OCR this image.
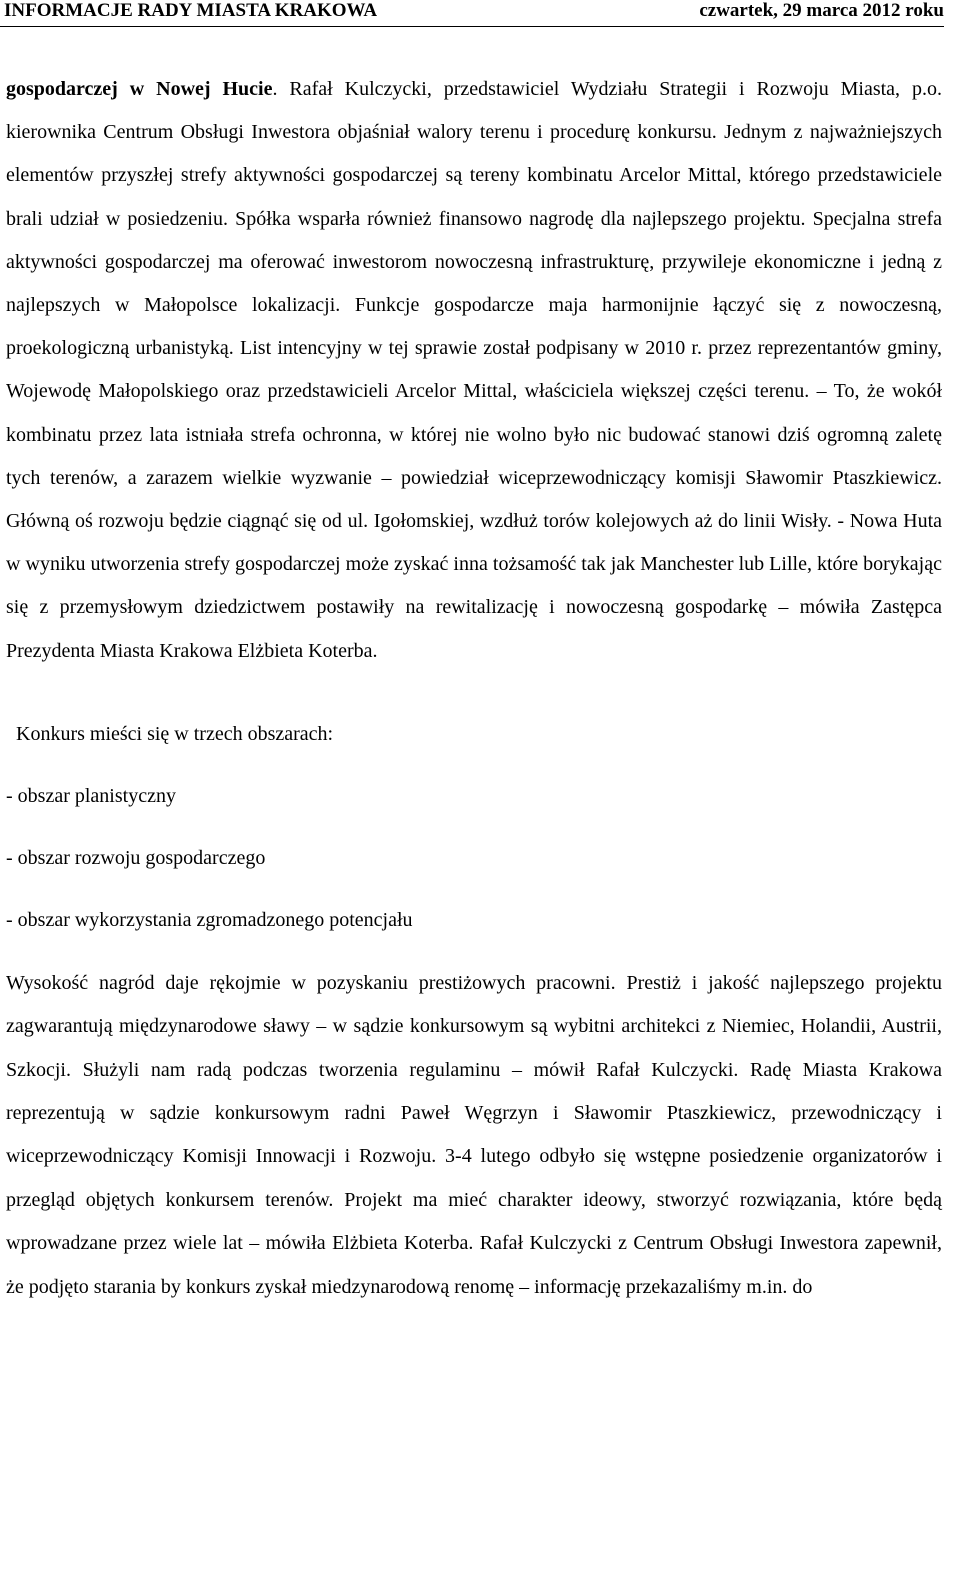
INFORMACJE RADY MIASTA KRAKOWA	czwartek, 29 marca 2012 roku

gospodarczej w Nowej Hucie. Rafał Kulczycki, przedstawiciel Wydziału Strategii i Rozwoju Miasta, p.o. kierownika Centrum Obsługi Inwestora objaśniał walory terenu i procedurę konkursu. Jednym z najważniejszych elementów przyszłej strefy aktywności gospodarczej są tereny kombinatu Arcelor Mittal, którego przedstawiciele brali udział w posiedzeniu. Spółka wsparła również finansowo nagrodę dla najlepszego projektu. Specjalna strefa aktywności gospodarczej ma oferować inwestorom nowoczesną infrastrukturę, przywileje ekonomiczne i jedną z najlepszych w Małopolsce lokalizacji. Funkcje gospodarcze maja harmonijnie łączyć się z nowoczesną, proekologiczną urbanistyką. List intencyjny w tej sprawie został podpisany w 2010 r. przez reprezentantów gminy, Wojewodę Małopolskiego oraz przedstawicieli Arcelor Mittal, właściciela większej części terenu. – To, że wokół kombinatu przez lata istniała strefa ochronna, w której nie wolno było nic budować stanowi dziś ogromną zaletę tych terenów, a zarazem wielkie wyzwanie – powiedział wiceprzewodniczący komisji Sławomir Ptaszkiewicz. Główną oś rozwoju będzie ciągnąć się od ul. Igołomskiej, wzdłuż torów kolejowych aż do linii Wisły. - Nowa Huta w wyniku utworzenia strefy gospodarczej może zyskać inna tożsamość tak jak Manchester lub Lille, które borykając się z przemysłowym dziedzictwem postawiły na rewitalizację i nowoczesną gospodarkę – mówiła Zastępca Prezydenta Miasta Krakowa Elżbieta Koterba.

Konkurs mieści się w trzech obszarach:
- obszar planistyczny
- obszar rozwoju gospodarczego
- obszar wykorzystania zgromadzonego potencjału

Wysokość nagród daje rękojmie w pozyskaniu prestiżowych pracowni. Prestiż i jakość najlepszego projektu zagwarantują międzynarodowe sławy – w sądzie konkursowym są wybitni architekci z Niemiec, Holandii, Austrii, Szkocji. Służyli nam radą podczas tworzenia regulaminu – mówił Rafał Kulczycki. Radę Miasta Krakowa reprezentują w sądzie konkursowym radni Paweł Węgrzyn i Sławomir Ptaszkiewicz, przewodniczący i wiceprzewodniczący Komisji Innowacji i Rozwoju. 3-4 lutego odbyło się wstępne posiedzenie organizatorów i przegląd objętych konkursem terenów. Projekt ma mieć charakter ideowy, stworzyć rozwiązania, które będą wprowadzane przez wiele lat – mówiła Elżbieta Koterba. Rafał Kulczycki z Centrum Obsługi Inwestora zapewnił, że podjęto starania by konkurs zyskał miedzynarodową renomę – informację przekazaliśmy m.in. do
